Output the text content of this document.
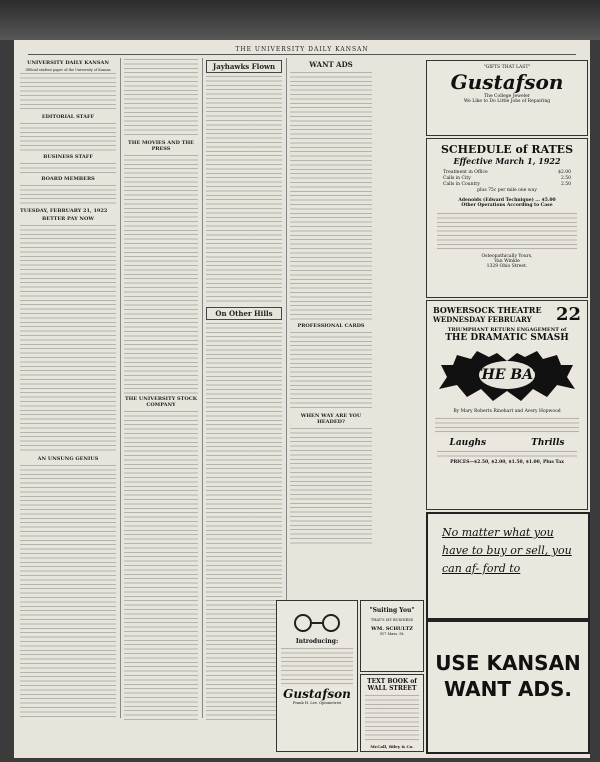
THE UNIVERSITY DAILY KANSAN
UNIVERSITY DAILY KANSAN
Official student paper of the University of Kansas
EDITORIAL STAFF
BUSINESS STAFF
BOARD MEMBERS
TUESDAY, FEBRUARY 21, 1922
BETTER PAY NOW
AN UNSUNG GENIUS
THE MOVIES AND THE PRESS
THE UNIVERSITY STOCK COMPANY
Jayhawks Flown
On Other Hills
WANT ADS
PROFESSIONAL CARDS
WHEN WAY ARE YOU HEADED?
Introducing:
Gustafson
Frank H. Lee, Optometrist
"Suiting You"
THAT'S MY BUSINESS
WM. SCHULTZ
917 Mass. St.
TEXT BOOK of WALL STREET
McCall, Riley & Co.
"GIFTS THAT LAST"
Gustafson
The College Jeweler
We Like to Do Little Jobs of Repairing
SCHEDULE of RATES
Effective March 1, 1922
Treatment in Office	$2.00
Calls in City	2.50
Calls in Country	2.50
plus 75c per mile one way
Adenoids (Edward Technique) ... $5.00
Other Operations According to Case
Osteopathically Yours,
Van Winkle
1329 Ohio Street.
BOWERSOCK THEATRE
WEDNESDAY FEBRUARY	22
TRIUMPHANT RETURN ENGAGEMENT of
THE DRAMATIC SMASH
THE BAT
By Mary Roberts Rinehart and Avery Hopwood
Laughs	Thrills
PRICES—$2.50, $2.00, $1.50, $1.00, Plus Tax
No matter what you have to buy or sell, you can af- ford to
USE KANSAN WANT ADS.
